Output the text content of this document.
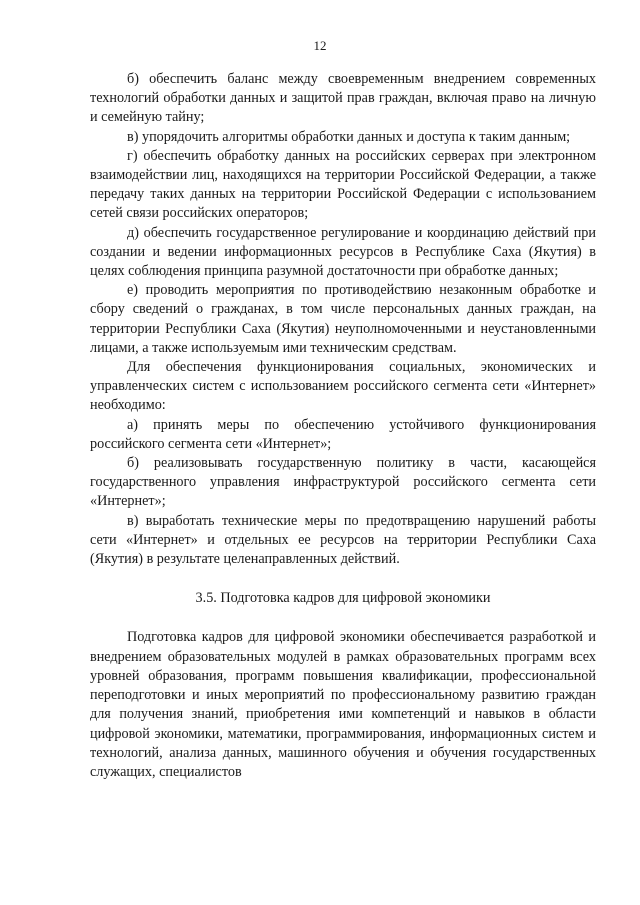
12

б) обеспечить баланс между своевременным внедрением современных технологий обработки данных и защитой прав граждан, включая право на личную и семейную тайну;

в) упорядочить алгоритмы обработки данных и доступа к таким данным;

г) обеспечить обработку данных на российских серверах при электронном взаимодействии лиц, находящихся на территории Российской Федерации, а также передачу таких данных на территории Российской Федерации с использованием сетей связи российских операторов;

д) обеспечить государственное регулирование и координацию действий при создании и ведении информационных ресурсов в Республике Саха (Якутия) в целях соблюдения принципа разумной достаточности при обработке данных;

е) проводить мероприятия по противодействию незаконным обработке и сбору сведений о гражданах, в том числе персональных данных граждан, на территории Республики Саха (Якутия) неуполномоченными и неустановленными лицами, а также используемым ими техническим средствам.

Для обеспечения функционирования социальных, экономических и управленческих систем с использованием российского сегмента сети «Интернет» необходимо:

а) принять меры по обеспечению устойчивого функционирования российского сегмента сети «Интернет»;

б) реализовывать государственную политику в части, касающейся государственного управления инфраструктурой российского сегмента сети «Интернет»;

в) выработать технические меры по предотвращению нарушений работы сети «Интернет» и отдельных ее ресурсов на территории Республики Саха (Якутия) в результате целенаправленных действий.

3.5. Подготовка кадров для цифровой экономики

Подготовка кадров для цифровой экономики обеспечивается разработкой и внедрением образовательных модулей в рамках образовательных программ всех уровней образования, программ повышения квалификации, профессиональной переподготовки и иных мероприятий по профессиональному развитию граждан для получения знаний, приобретения ими компетенций и навыков в области цифровой экономики, математики, программирования, информационных систем и технологий, анализа данных, машинного обучения и обучения государственных служащих, специалистов
